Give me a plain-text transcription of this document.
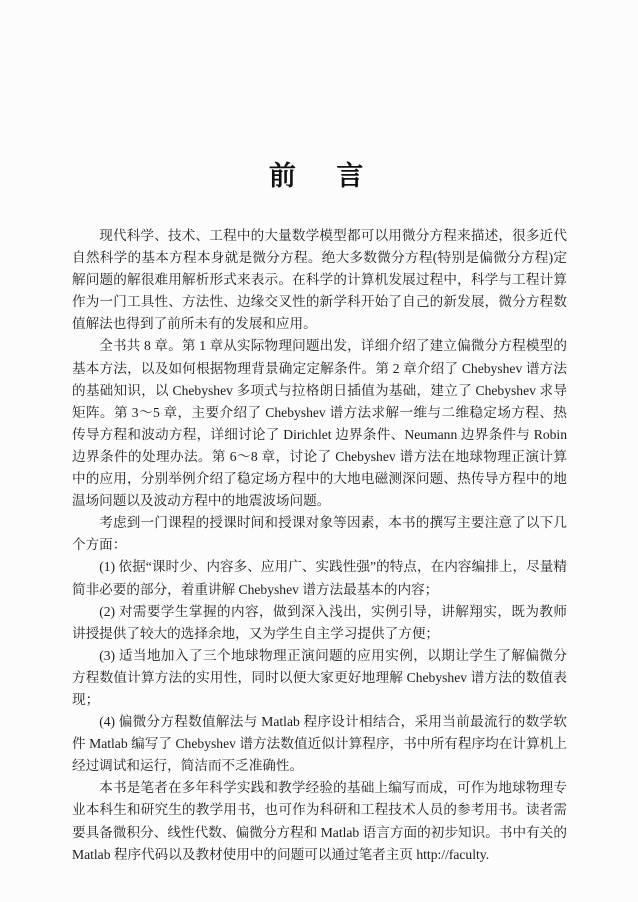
前　言

现代科学、技术、工程中的大量数学模型都可以用微分方程来描述，很多近代自然科学的基本方程本身就是微分方程。绝大多数微分方程(特别是偏微分方程)定解问题的解很难用解析形式来表示。在科学的计算机发展过程中，科学与工程计算作为一门工具性、方法性、边缘交叉性的新学科开始了自己的新发展，微分方程数值解法也得到了前所未有的发展和应用。

全书共 8 章。第 1 章从实际物理问题出发，详细介绍了建立偏微分方程模型的基本方法，以及如何根据物理背景确定定解条件。第 2 章介绍了 Chebyshev 谱方法的基础知识，以 Chebyshev 多项式与拉格朗日插值为基础，建立了 Chebyshev 求导矩阵。第 3～5 章，主要介绍了 Chebyshev 谱方法求解一维与二维稳定场方程、热传导方程和波动方程，详细讨论了 Dirichlet 边界条件、Neumann 边界条件与 Robin 边界条件的处理办法。第 6～8 章，讨论了 Chebyshev 谱方法在地球物理正演计算中的应用，分别举例介绍了稳定场方程中的大地电磁测深问题、热传导方程中的地温场问题以及波动方程中的地震波场问题。

考虑到一门课程的授课时间和授课对象等因素，本书的撰写主要注意了以下几个方面：

(1) 依据“课时少、内容多、应用广、实践性强”的特点，在内容编排上，尽量精简非必要的部分，着重讲解 Chebyshev 谱方法最基本的内容；

(2) 对需要学生掌握的内容，做到深入浅出，实例引导，讲解翔实，既为教师讲授提供了较大的选择余地，又为学生自主学习提供了方便；

(3) 适当地加入了三个地球物理正演问题的应用实例，以期让学生了解偏微分方程数值计算方法的实用性，同时以便大家更好地理解 Chebyshev 谱方法的数值表现；

(4) 偏微分方程数值解法与 Matlab 程序设计相结合，采用当前最流行的数学软件 Matlab 编写了 Chebyshev 谱方法数值近似计算程序，书中所有程序均在计算机上经过调试和运行，简洁而不乏准确性。

本书是笔者在多年科学实践和教学经验的基础上编写而成，可作为地球物理专业本科生和研究生的教学用书，也可作为科研和工程技术人员的参考用书。读者需要具备微积分、线性代数、偏微分方程和 Matlab 语言方面的初步知识。书中有关的 Matlab 程序代码以及教材使用中的问题可以通过笔者主页 http://faculty.
